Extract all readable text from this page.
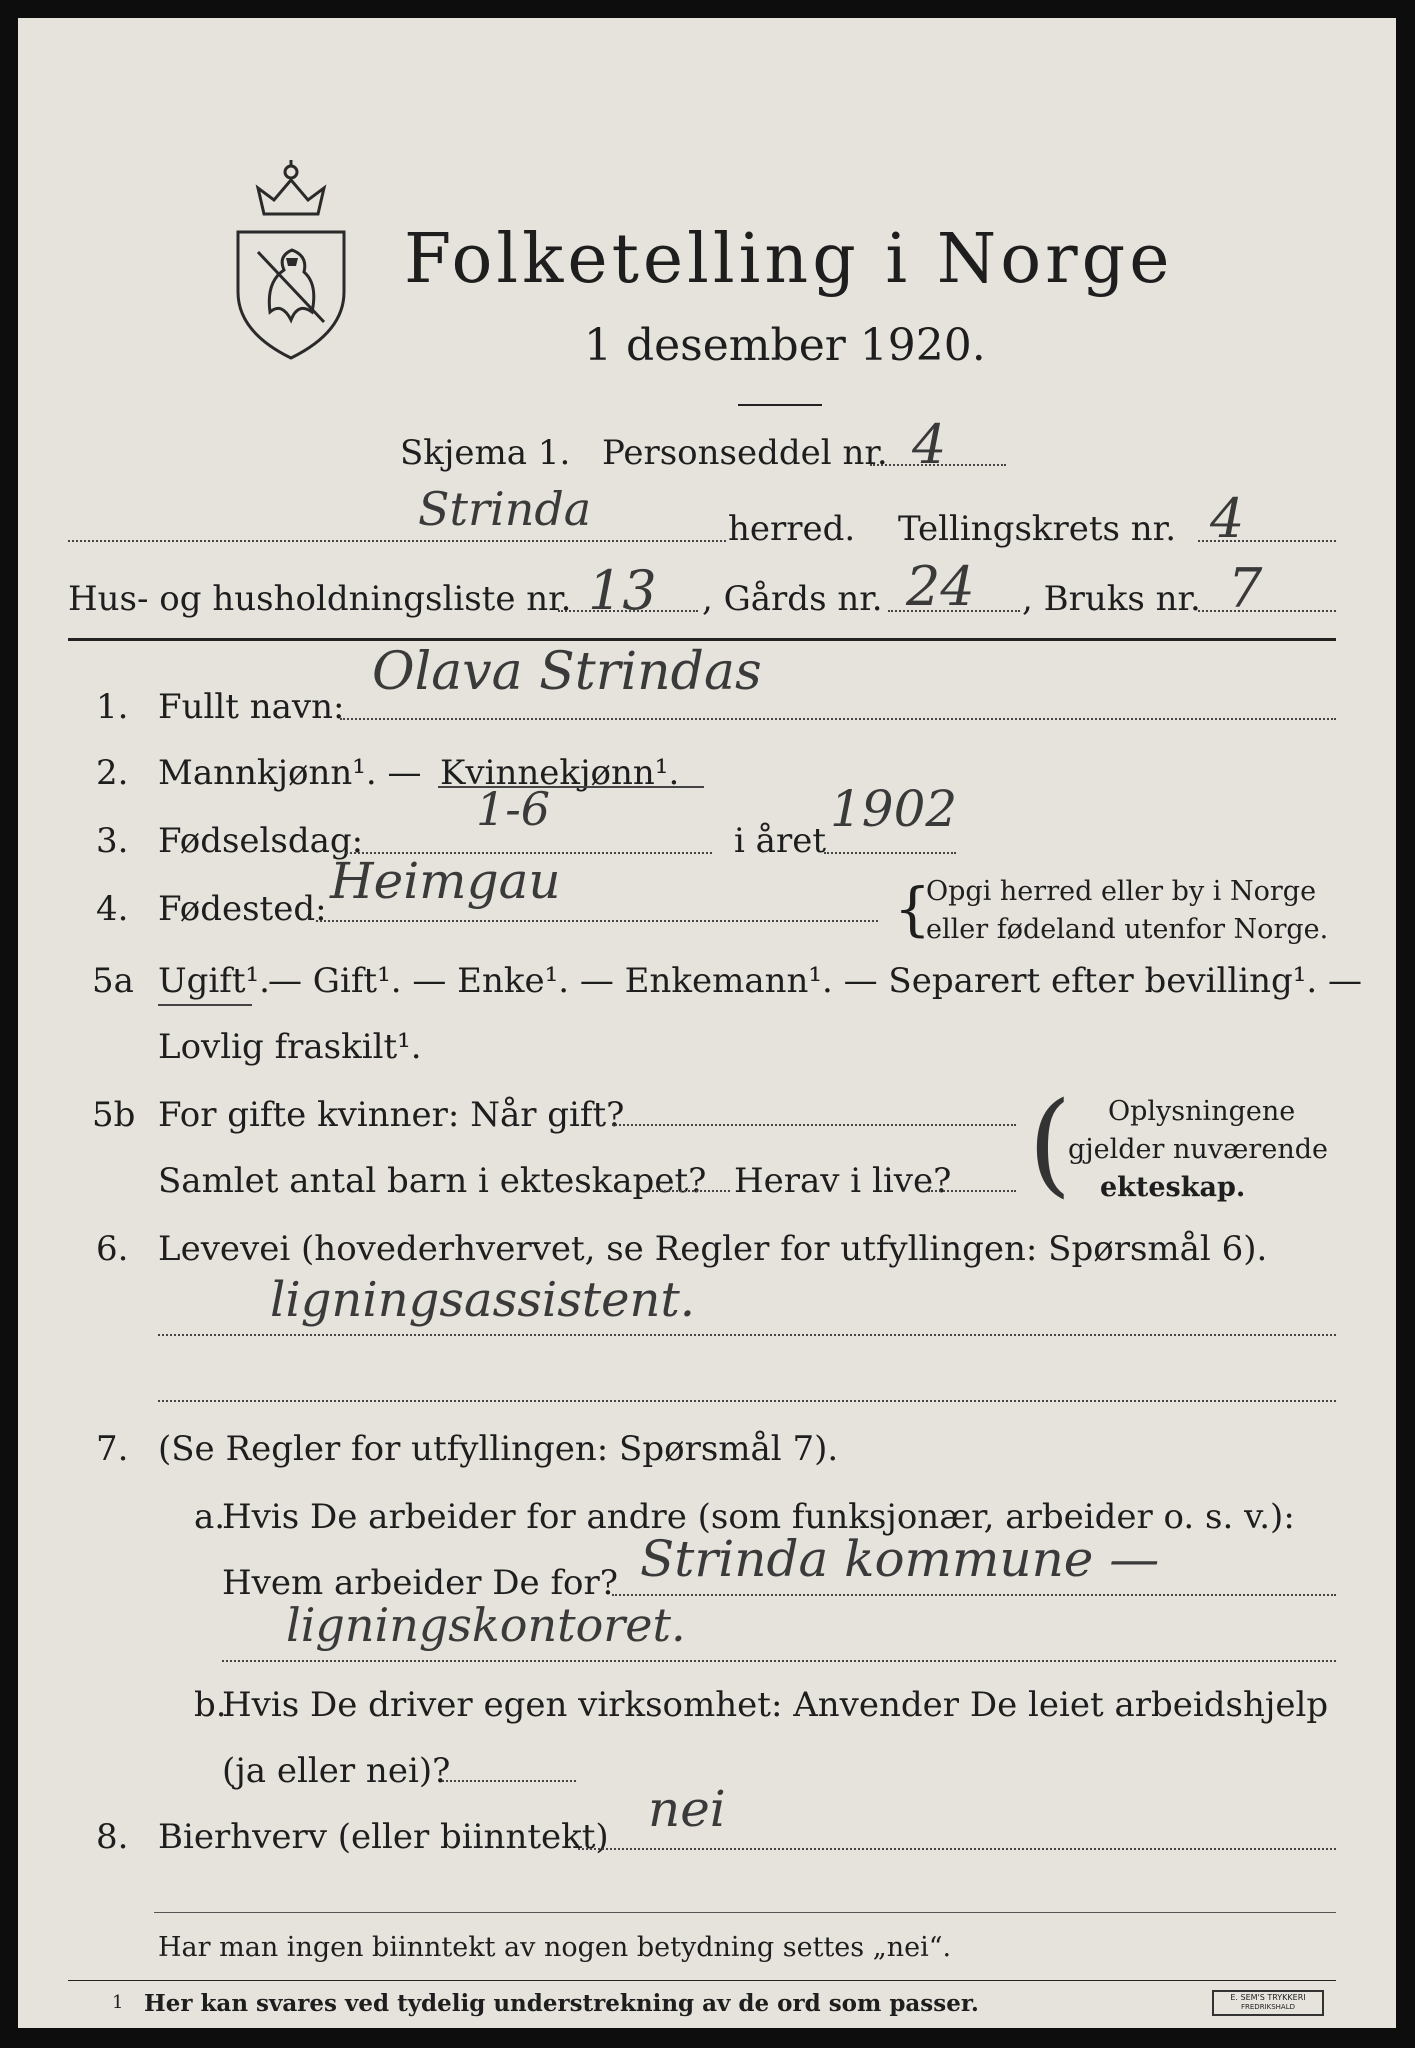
Folketelling i Norge
1 desember 1920.
Skjema 1. Personseddel nr. 4
Strinda	herred. Tellingskrets nr. 4
Hus- og husholdningsliste nr. 13 , Gårds nr. 24 , Bruks nr. 7
1. Fullt navn:
Olava Strindas
2. Mannkjønn¹. — Kvinnekjønn¹.
3. Fødselsdag:
1-6
i året
1902
4. Fødested: Heimgau	{
Opgi herred eller by i Norge
eller fødeland utenfor Norge.
5a Ugift¹.
— Gift¹. — Enke¹. — Enkemann¹. — Separert efter bevilling¹. —
Lovlig fraskilt¹.
5b For gifte kvinner: Når gift?
Samlet antal barn i ekteskapet? Herav i live? ( Oplysningene
gjelder nuværende
ekteskap.
6. Levevei (hovederhvervet, se Regler for utfyllingen: Spørsmål 6).
ligningsassistent.
7. (Se Regler for utfyllingen: Spørsmål 7).
a.
Hvis De arbeider for andre (som funksjonær, arbeider o. s. v.):
Hvem arbeider De for? Strinda kommune —
ligningskontoret.
b.
Hvis De driver egen virksomhet: Anvender De leiet arbeidshjelp
(ja eller nei)?
8. Bierhverv (eller biinntekt) nei
Har man ingen biinntekt av nogen betydning settes „nei“.
1 Her kan svares ved tydelig understrekning av de ord som passer.	E. SEM'S TRYKKERI
FREDRIKSHALD
